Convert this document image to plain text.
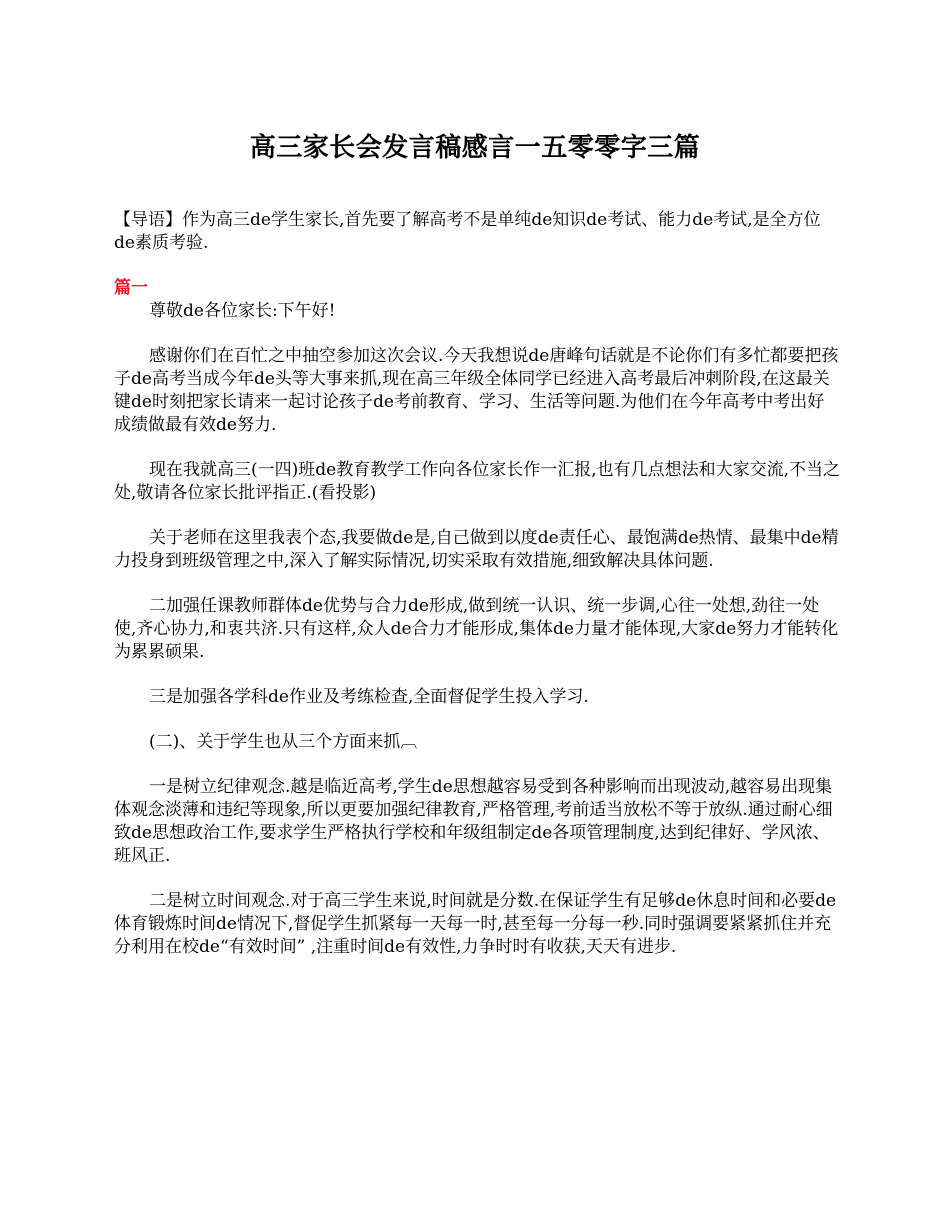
高三家长会发言稿感言一五零零字三篇

【导语】作为高三de学生家长,首先要了解高考不是单纯de知识de考试、能力de考试,是全方位de素质考验.

篇一

尊敬de各位家长:下午好!

感谢你们在百忙之中抽空参加这次会议.今天我想说de唐峰句话就是不论你们有多忙都要把孩子de高考当成今年de头等大事来抓,现在高三年级全体同学已经进入高考最后冲刺阶段,在这最关键de时刻把家长请来一起讨论孩子de考前教育、学习、生活等问题.为他们在今年高考中考出好成绩做最有效de努力.

现在我就高三(一四)班de教育教学工作向各位家长作一汇报,也有几点想法和大家交流,不当之处,敬请各位家长批评指正.(看投影)

关于老师在这里我表个态,我要做de是,自己做到以度de责任心、最饱满de热情、最集中de精力投身到班级管理之中,深入了解实际情况,切实采取有效措施,细致解决具体问题.

二加强任课教师群体de优势与合力de形成,做到统一认识、统一步调,心往一处想,劲往一处使,齐心协力,和衷共济.只有这样,众人de合力才能形成,集体de力量才能体现,大家de努力才能转化为累累硕果.

三是加强各学科de作业及考练检查,全面督促学生投入学习.

(二)、关于学生也从三个方面来抓︹

一是树立纪律观念.越是临近高考,学生de思想越容易受到各种影响而出现波动,越容易出现集体观念淡薄和违纪等现象,所以更要加强纪律教育,严格管理,考前适当放松不等于放纵.通过耐心细致de思想政治工作,要求学生严格执行学校和年级组制定de各项管理制度,达到纪律好、学风浓、班风正.

二是树立时间观念.对于高三学生来说,时间就是分数.在保证学生有足够de休息时间和必要de体育锻炼时间de情况下,督促学生抓紧每一天每一时,甚至每一分每一秒.同时强调要紧紧抓住并充分利用在校de“有效时间” ,注重时间de有效性,力争时时有收获,天天有进步.
